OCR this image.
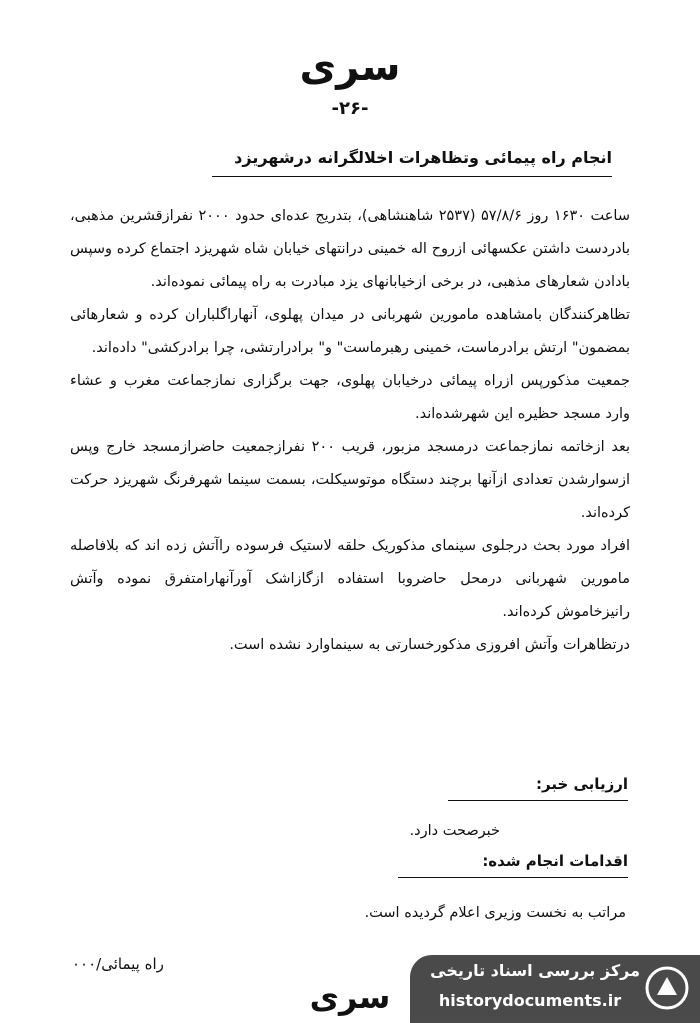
سری
-۲۶-
انجام راه پیمائی وتظاهرات اخلالگرانه درشهریزد

ساعت ۱۶۳۰ روز ۵۷/۸/۶ (۲۵۳۷ شاهنشاهی)، بتدریج عده‌ای حدود ۲۰۰۰ نفرازقشرین مذهبی، بادردست داشتن عکسهائی ازروح اله خمینی درانتهای خیابان شاه شهریزد اجتماع کرده وسپس بادادن شعارهای مذهبی، در برخی ازخیابانهای یزد مبادرت به راه پیمائی نموده‌اند.

تظاهرکنندگان بامشاهده مامورین شهربانی در میدان پهلوی، آنهاراگلباران کرده و شعارهائی بمضمون" ارتش برادرماست، خمینی رهبرماست" و" برادرارتشی، چرا برادرکشی" داده‌اند.

جمعیت مذکورپس ازراه پیمائی درخیابان پهلوی، جهت برگزاری نمازجماعت مغرب و عشاء وارد مسجد حظیره این شهرشده‌اند.

بعد ازخاتمه نمازجماعت درمسجد مزبور، قریب ۲۰۰ نفرازجمعیت حاضرازمسجد خارج وپس ازسوارشدن تعدادی ازآنها برچند دستگاه موتوسیکلت، بسمت سینما شهرفرنگ شهریزد حرکت کرده‌اند.

افراد مورد بحث درجلوی سینمای مذکوریک حلقه لاستیک فرسوده راآتش زده اند که بلافاصله مامورین شهربانی درمحل حاضروبا استفاده ازگازاشک آورآنهارامتفرق نموده وآتش رانیزخاموش کرده‌اند.

درتظاهرات وآتش افروزی مذکورخسارتی به سینماوارد نشده است.

ارزیابی خبر:
خبرصحت دارد.
اقدامات انجام شده:
مراتب به نخست وزیری اعلام گردیده است.
راه پیمائی/۰۰۰
سری
مرکز بررسی اسناد تاریخی
historydocuments.ir
